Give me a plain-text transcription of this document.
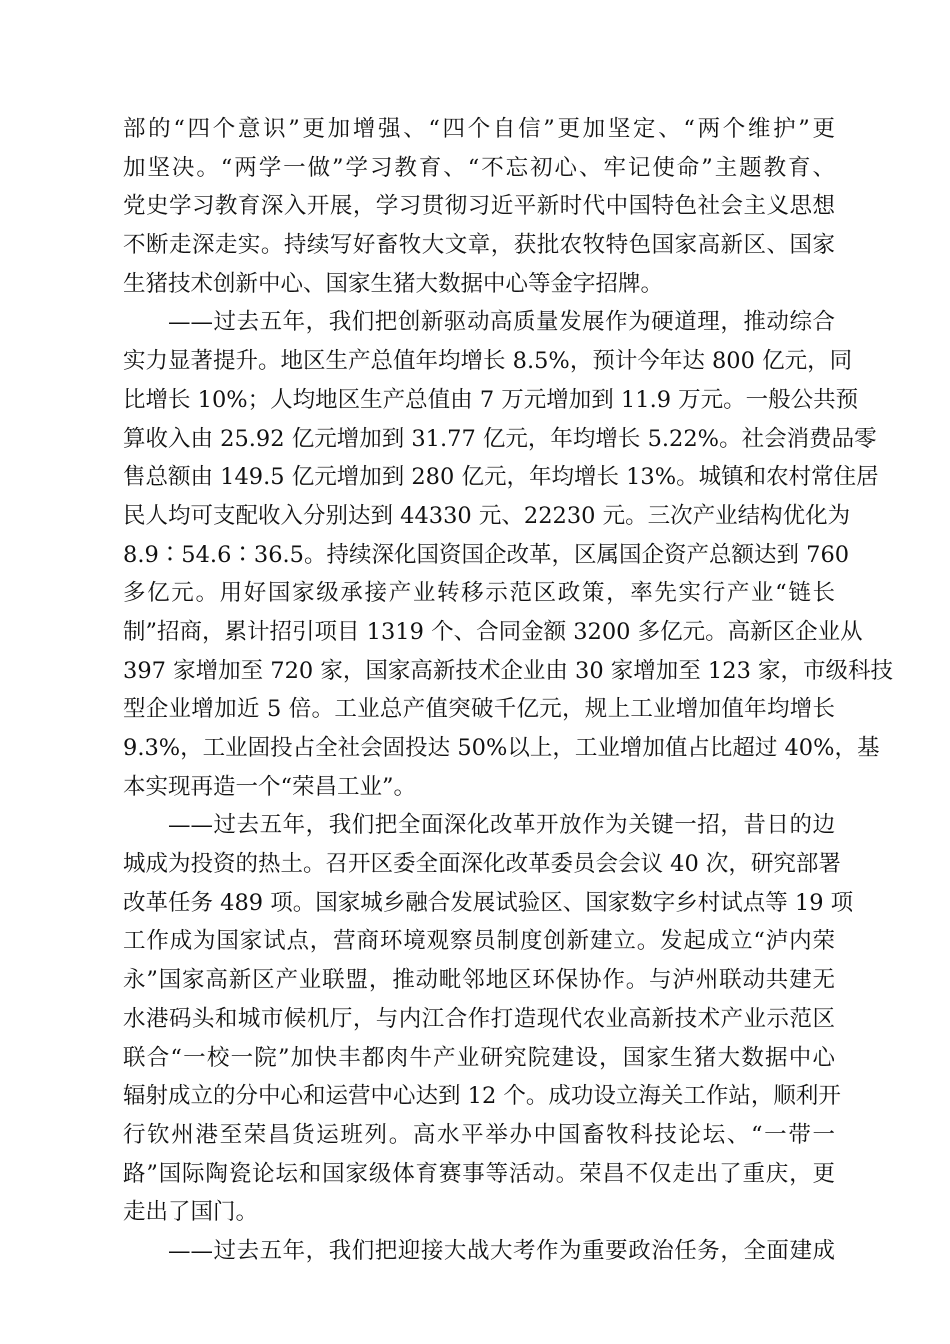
部的“四个意识”更加增强、“四个自信”更加坚定、“两个维护”更
加坚决。“两学一做”学习教育、“不忘初心、牢记使命”主题教育、
党史学习教育深入开展，学习贯彻习近平新时代中国特色社会主义思想
不断走深走实。持续写好畜牧大文章，获批农牧特色国家高新区、国家
生猪技术创新中心、国家生猪大数据中心等金字招牌。
——过去五年，我们把创新驱动高质量发展作为硬道理，推动综合
实力显著提升。地区生产总值年均增长 8.5%，预计今年达 800 亿元，同
比增长 10%；人均地区生产总值由 7 万元增加到 11.9 万元。一般公共预
算收入由 25.92 亿元增加到 31.77 亿元，年均增长 5.22%。社会消费品零
售总额由 149.5 亿元增加到 280 亿元，年均增长 13%。城镇和农村常住居
民人均可支配收入分别达到 44330 元、22230 元。三次产业结构优化为
8.9∶54.6∶36.5。持续深化国资国企改革，区属国企资产总额达到 760
多亿元。用好国家级承接产业转移示范区政策，率先实行产业“链长
制”招商，累计招引项目 1319 个、合同金额 3200 多亿元。高新区企业从
397 家增加至 720 家，国家高新技术企业由 30 家增加至 123 家，市级科技
型企业增加近 5 倍。工业总产值突破千亿元，规上工业增加值年均增长
9.3%，工业固投占全社会固投达 50%以上，工业增加值占比超过 40%，基
本实现再造一个“荣昌工业”。
——过去五年，我们把全面深化改革开放作为关键一招，昔日的边
城成为投资的热土。召开区委全面深化改革委员会会议 40 次，研究部署
改革任务 489 项。国家城乡融合发展试验区、国家数字乡村试点等 19 项
工作成为国家试点，营商环境观察员制度创新建立。发起成立“泸内荣
永”国家高新区产业联盟，推动毗邻地区环保协作。与泸州联动共建无
水港码头和城市候机厅，与内江合作打造现代农业高新技术产业示范区
联合“一校一院”加快丰都肉牛产业研究院建设，国家生猪大数据中心
辐射成立的分中心和运营中心达到 12 个。成功设立海关工作站，顺利开
行钦州港至荣昌货运班列。高水平举办中国畜牧科技论坛、“一带一
路”国际陶瓷论坛和国家级体育赛事等活动。荣昌不仅走出了重庆，更
走出了国门。
——过去五年，我们把迎接大战大考作为重要政治任务，全面建成
